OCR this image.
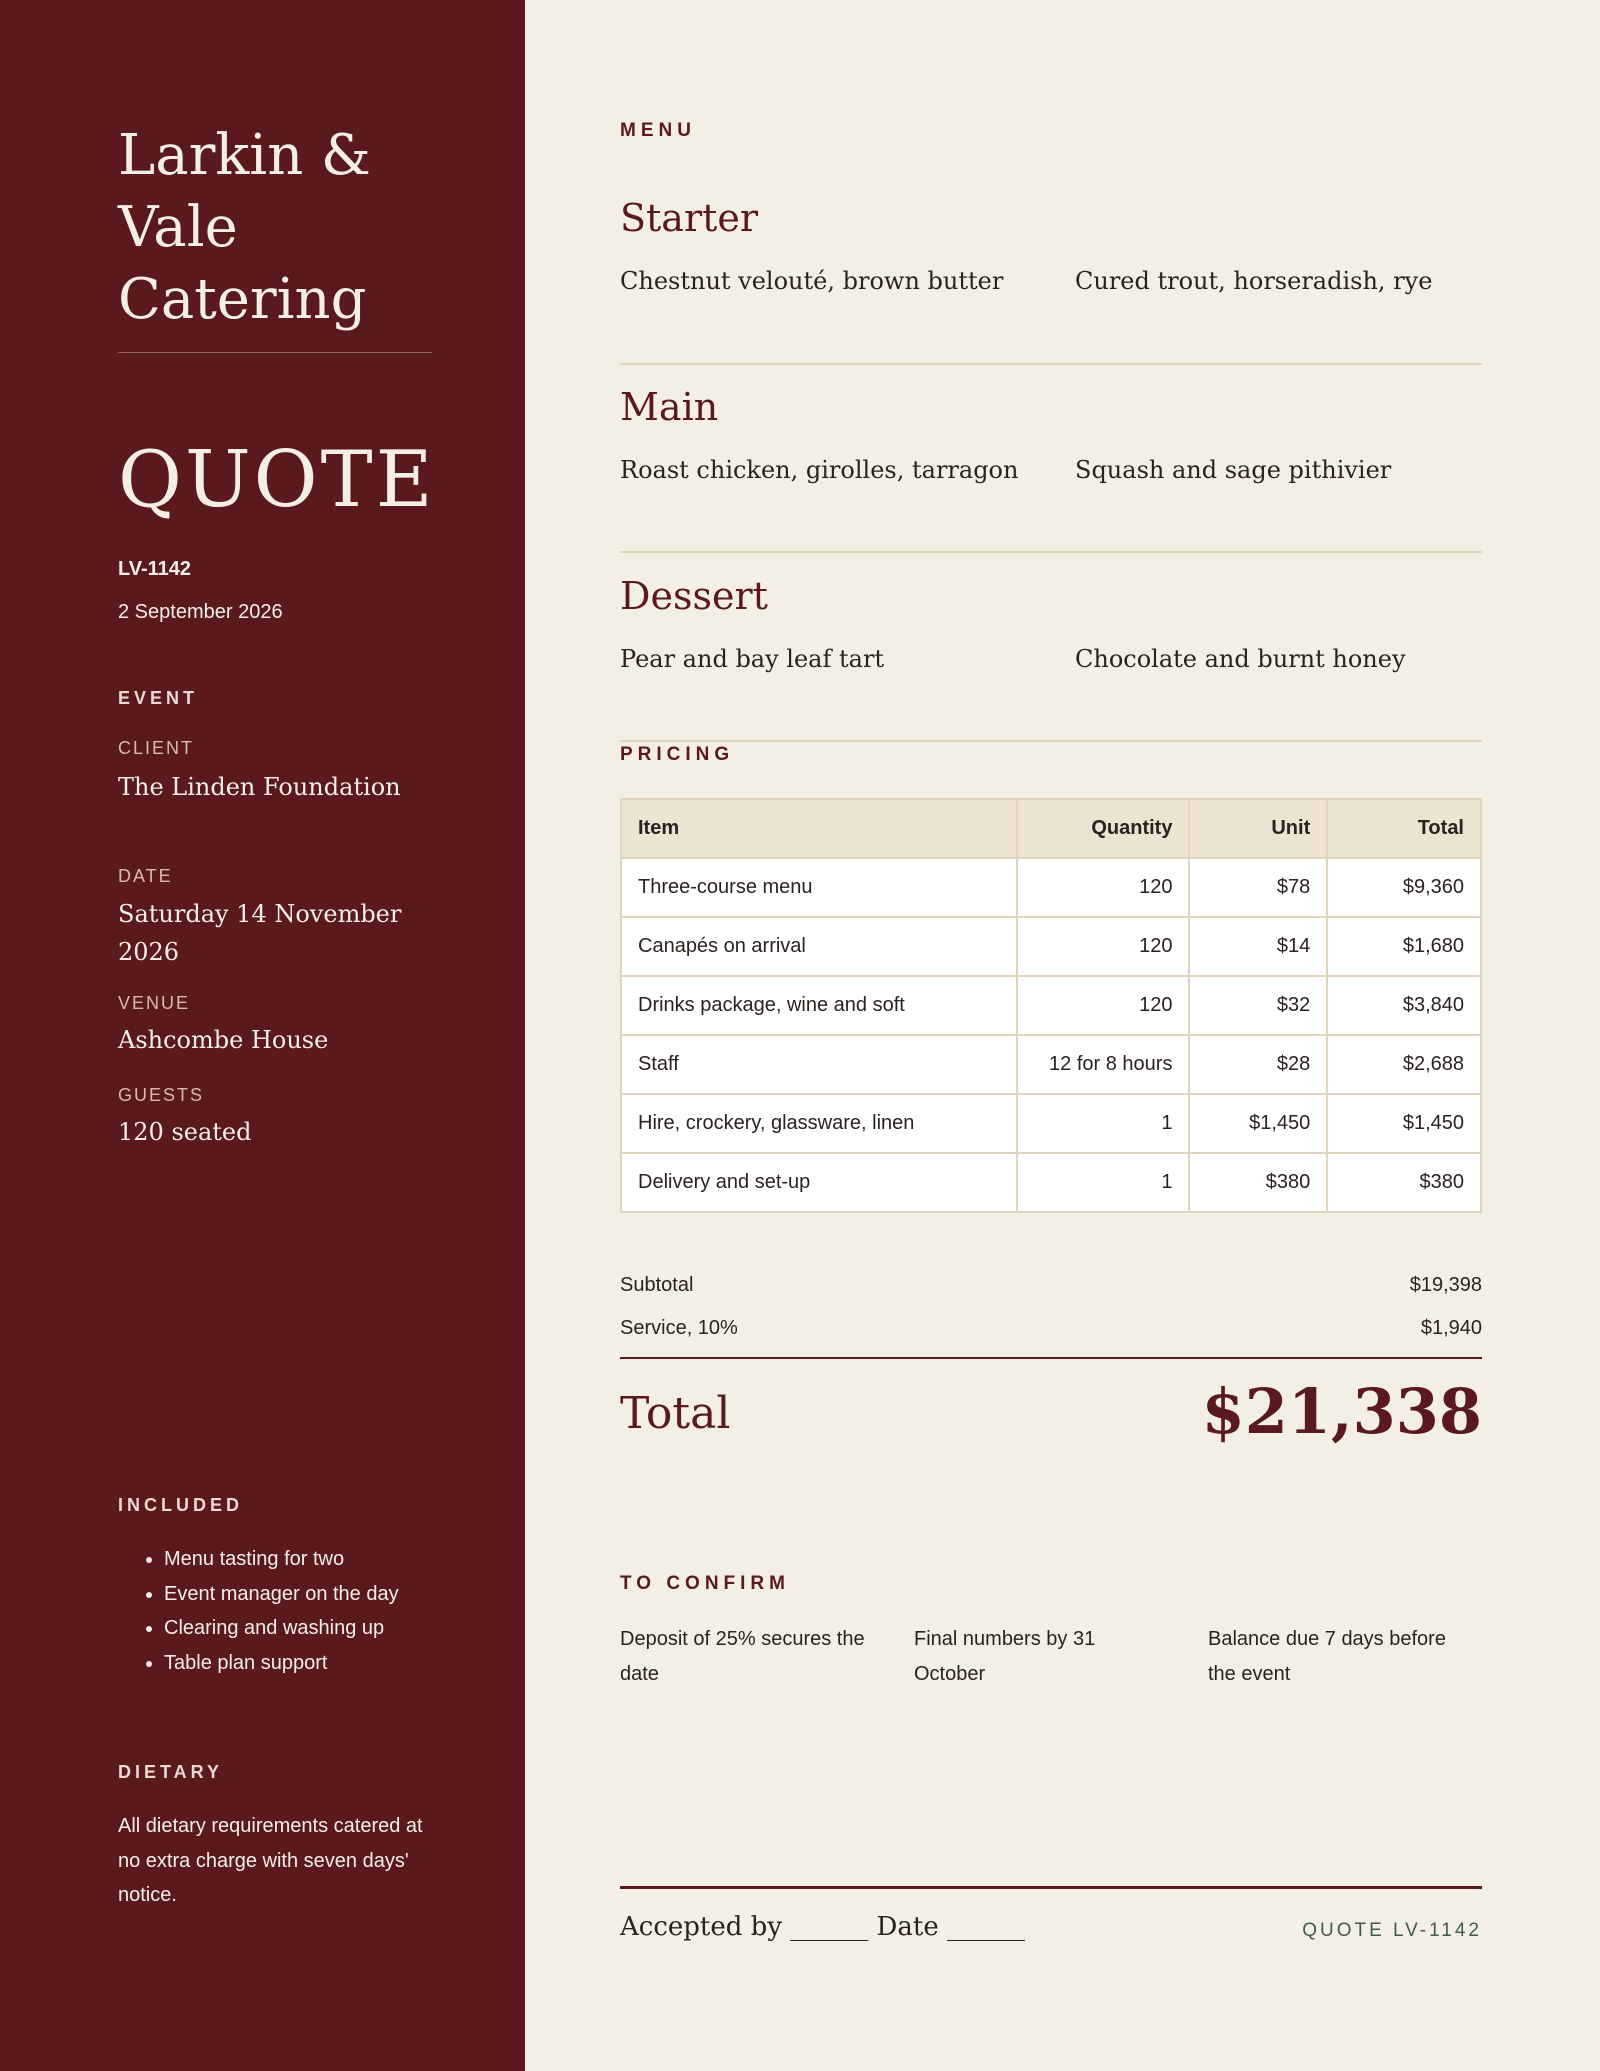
Larkin & Vale Catering
QUOTE
LV-1142
2 September 2026
EVENT
CLIENT
The Linden Foundation
DATE
Saturday 14 November 2026
VENUE
Ashcombe House
GUESTS
120 seated
INCLUDED
Menu tasting for two
Event manager on the day
Clearing and washing up
Table plan support
DIETARY
All dietary requirements catered at no extra charge with seven days' notice.
MENU
Starter
Chestnut velouté, brown butter	Cured trout, horseradish, rye
Main
Roast chicken, girolles, tarragon Squash and sage pithivier
Dessert
Pear and bay leaf tart	Chocolate and burnt honey
PRICING
Item	Quantity	Unit	Total
Three-course menu	120	$78	$9,360
Canapés on arrival	120	$14	$1,680
Drinks package, wine and soft	120	$32	$3,840
Staff	12 for 8 hours	$28	$2,688
Hire, crockery, glassware, linen	1	$1,450	$1,450
Delivery and set-up	1	$380	$380
Subtotal	$19,398
Service, 10%	$1,940
Total	$21,338
TO CONFIRM
Deposit of 25% secures the date
Final numbers by 31 October
Balance due 7 days before the event
Accepted by ______ Date ______	QUOTE LV-1142
